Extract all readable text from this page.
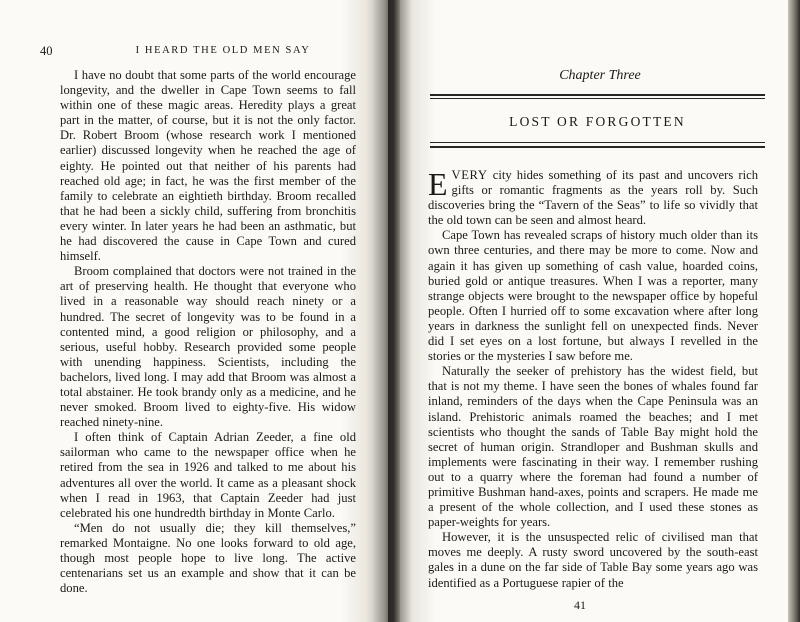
40	I HEARD THE OLD MEN SAY

I have no doubt that some parts of the world encourage longevity, and the dweller in Cape Town seems to fall within one of these magic areas. Heredity plays a great part in the matter, of course, but it is not the only factor. Dr. Robert Broom (whose research work I mentioned earlier) discussed longevity when he reached the age of eighty. He pointed out that neither of his parents had reached old age; in fact, he was the first member of the family to celebrate an eightieth birthday. Broom recalled that he had been a sickly child, suffering from bronchitis every winter. In later years he had been an asthmatic, but he had discovered the cause in Cape Town and cured himself.

Broom complained that doctors were not trained in the art of preserving health. He thought that everyone who lived in a reasonable way should reach ninety or a hundred. The secret of longevity was to be found in a contented mind, a good religion or philosophy, and a serious, useful hobby. Research provided some people with unending happiness. Scientists, including the bachelors, lived long. I may add that Broom was almost a total abstainer. He took brandy only as a medicine, and he never smoked. Broom lived to eighty-five. His widow reached ninety-nine.

I often think of Captain Adrian Zeeder, a fine old sailorman who came to the newspaper office when he retired from the sea in 1926 and talked to me about his adventures all over the world. It came as a pleasant shock when I read in 1963, that Captain Zeeder had just celebrated his one hundredth birthday in Monte Carlo.

“Men do not usually die; they kill themselves,” remarked Montaigne. No one looks forward to old age, though most people hope to live long. The active centenarians set us an example and show that it can be done.

Chapter Three
LOST OR FORGOTTEN

EVERY city hides something of its past and uncovers rich gifts or romantic fragments as the years roll by. Such discoveries bring the “Tavern of the Seas” to life so vividly that the old town can be seen and almost heard.

Cape Town has revealed scraps of history much older than its own three centuries, and there may be more to come. Now and again it has given up something of cash value, hoarded coins, buried gold or antique treasures. When I was a reporter, many strange objects were brought to the newspaper office by hopeful people. Often I hurried off to some excavation where after long years in darkness the sunlight fell on unexpected finds. Never did I set eyes on a lost fortune, but always I revelled in the stories or the mysteries I saw before me.

Naturally the seeker of prehistory has the widest field, but that is not my theme. I have seen the bones of whales found far inland, reminders of the days when the Cape Peninsula was an island. Prehistoric animals roamed the beaches; and I met scientists who thought the sands of Table Bay might hold the secret of human origin. Strandloper and Bushman skulls and implements were fascinating in their way. I remember rushing out to a quarry where the foreman had found a number of primitive Bushman hand-axes, points and scrapers. He made me a present of the whole collection, and I used these stones as paper-weights for years.

However, it is the unsuspected relic of civilised man that moves me deeply. A rusty sword uncovered by the south-east gales in a dune on the far side of Table Bay some years ago was identified as a Portuguese rapier of the

41
